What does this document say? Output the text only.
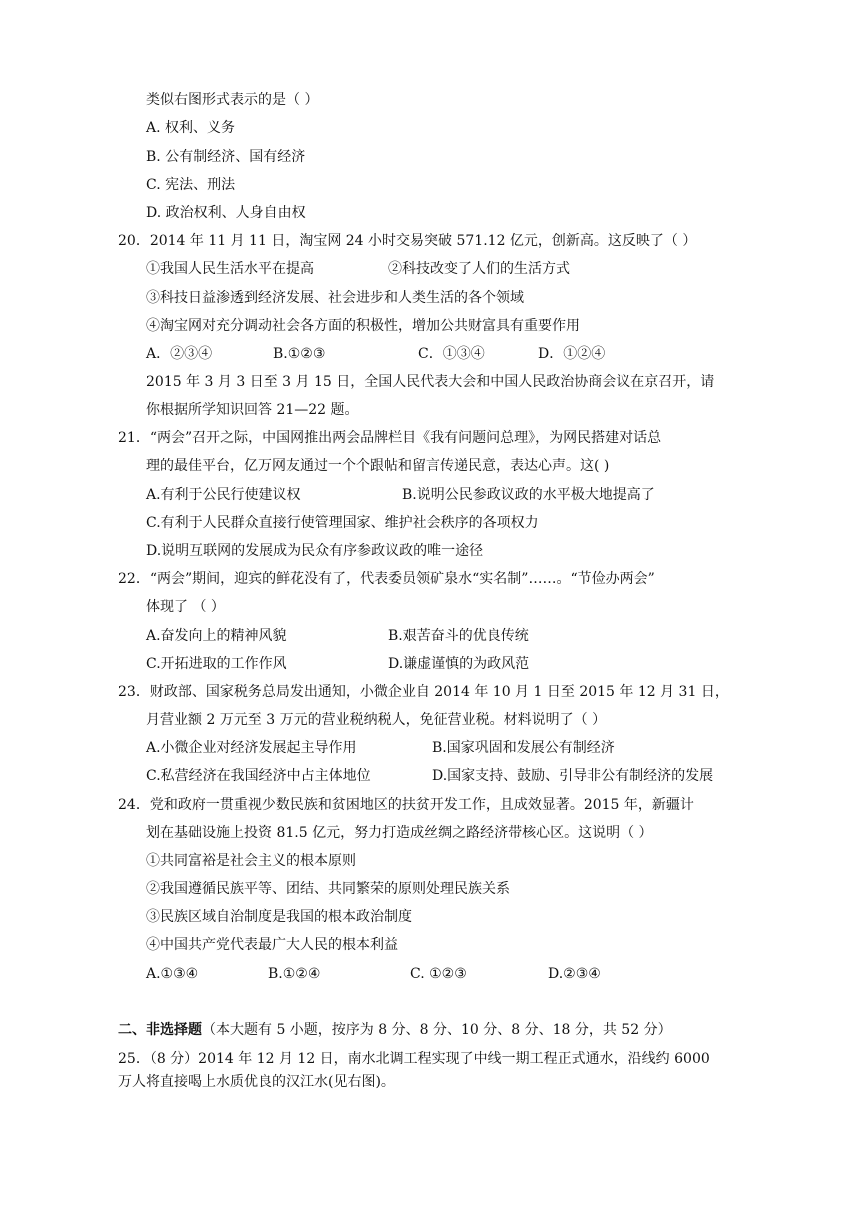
类似右图形式表示的是（ ）
A. 权利、义务
B. 公有制经济、国有经济
C. 宪法、刑法
D. 政治权利、人身自由权
20．2014 年 11 月 11 日，淘宝网 24 小时交易突破 571.12 亿元，创新高。这反映了（ ）
①我国人民生活水平在提高	②科技改变了人们的生活方式
③科技日益渗透到经济发展、社会进步和人类生活的各个领域
④淘宝网对充分调动社会各方面的积极性，增加公共财富具有重要作用
A．②③④	B.①②③	C．①③④	D．①②④
2015 年 3 月 3 日至 3 月 15 日，全国人民代表大会和中国人民政治协商会议在京召开，请
你根据所学知识回答 21—22 题。
21．“两会”召开之际，中国网推出两会品牌栏目《我有问题问总理》，为网民搭建对话总
理的最佳平台，亿万网友通过一个个跟帖和留言传递民意，表达心声。这( )
A.有利于公民行使建议权	B.说明公民参政议政的水平极大地提高了
C.有利于人民群众直接行使管理国家、维护社会秩序的各项权力
D.说明互联网的发展成为民众有序参政议政的唯一途径
22．“两会”期间，迎宾的鲜花没有了，代表委员领矿泉水“实名制”……。“节俭办两会”
体现了 （ ）
A.奋发向上的精神风貌	B.艰苦奋斗的优良传统
C.开拓进取的工作作风	D.谦虚谨慎的为政风范
23．财政部、国家税务总局发出通知，小微企业自 2014 年 10 月 1 日至 2015 年 12 月 31 日，
月营业额 2 万元至 3 万元的营业税纳税人，免征营业税。材料说明了（ ）
A.小微企业对经济发展起主导作用	B.国家巩固和发展公有制经济
C.私营经济在我国经济中占主体地位	D.国家支持、鼓励、引导非公有制经济的发展
24．党和政府一贯重视少数民族和贫困地区的扶贫开发工作，且成效显著。2015 年，新疆计
划在基础设施上投资 81.5 亿元，努力打造成丝绸之路经济带核心区。这说明（ ）
①共同富裕是社会主义的根本原则
②我国遵循民族平等、团结、共同繁荣的原则处理民族关系
③民族区域自治制度是我国的根本政治制度
④中国共产党代表最广大人民的根本利益
A.①③④	B.①②④	C. ①②③	D.②③④
二、非选择题（本大题有 5 小题，按序为 8 分、8 分、10 分、8 分、18 分，共 52 分）
25．（8 分）2014 年 12 月 12 日，南水北调工程实现了中线一期工程正式通水，沿线约 6000
万人将直接喝上水质优良的汉江水(见右图)。
